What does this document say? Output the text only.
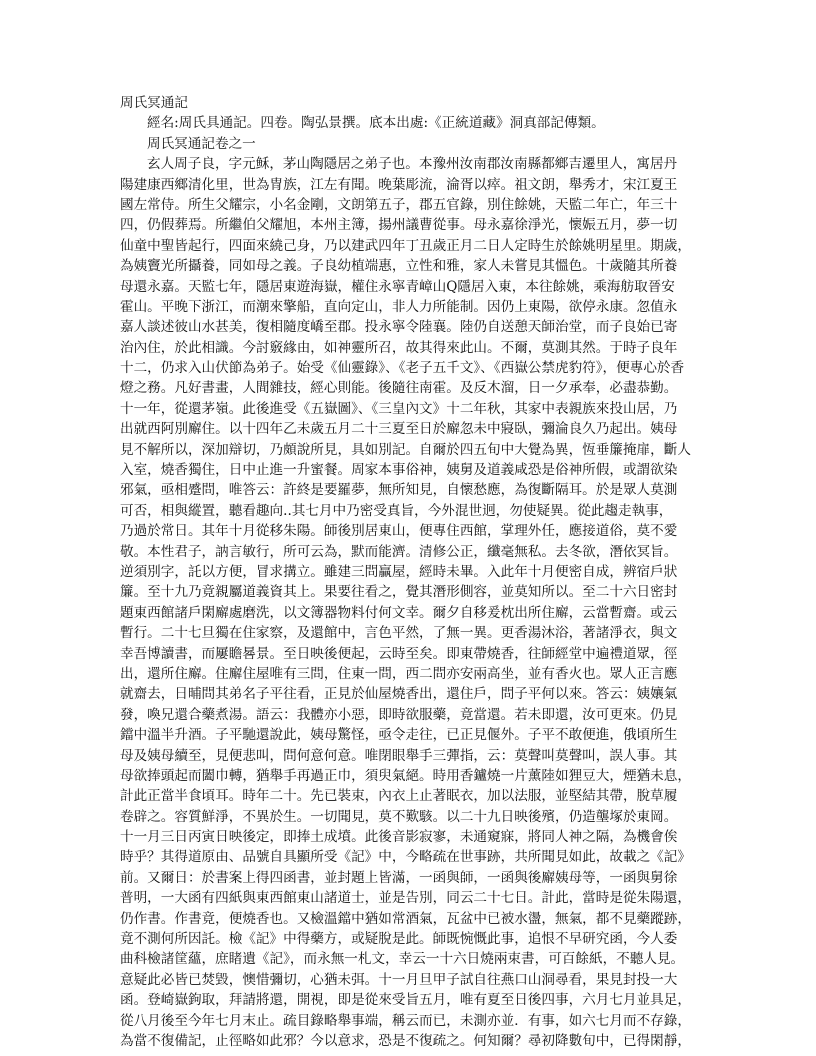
周氏冥通記

經名:周氏具通記。四卷。陶弘景撰。底本出處:《正統道藏》洞真部記傳類。

周氏冥通記卷之一

玄人周子良，字元稣，茅山陶隱居之弟子也。本豫州汝南郡汝南縣都鄉吉遷里人，寓居丹

陽建康西鄉清化里，世為冑族，江左有聞。晚葉彫流，淪胥以瘁。祖文朗，舉秀才，宋江夏王

國左常侍。所生父耀宗，小名金剛，文朗第五子，郡五官錄，別住餘姚，天監二年亡，年三十

四，仍假葬焉。所繼伯父耀旭，本州主簿，揚州議曹從事。母永嘉徐淨光，懷娠五月，夢一切

仙童中聖皆起行，四面來繞己身，乃以建武四年丁丑歲正月二日人定時生於餘姚明星里。期歲，

為姨竇光所攝養，同如母之義。子良幼植端惠，立性和雅，家人未嘗見其慍色。十歲隨其所養

母還永嘉。天監七年，隱居東遊海嶽，權住永寧青嶂山Q隱居入東，本往餘姚，乘海舫取晉安

霍山。平晚下浙江，而潮來擎船，直向定山，非人力所能制。因仍上東陽，欲停永康。忽值永

嘉人談述彼山水甚美，復相隨度嶠至郡。投永寧令陸襄。陸仍自送憩天師治堂，而子良始已寄

治內住，於此相識。今討竅緣由，如神靈所召，故其得來此山。不爾，莫測其然。于時子良年

十二，仍求入山伏節為弟子。始受《仙靈錄》、《老子五千文》、《西嶽公禁虎豹符》，便專心於香

燈之務。凡好書畫，人間雜技，經心則能。後隨往南霍。及反木溜，日一夕承奉，必盡恭勤。

十一年，從還茅嶺。此後進受《五嶽圖》、《三皇內文》十二年秋，其家中表親族來投山居，乃

出就西阿別廨住。以十四年乙未歲五月二十三夏至日於廨忽未中寢臥，彌淪良久乃起出。姨母

見不解所以，深加辯切，乃頗說所見，具如別記。自爾於四五旬中大覺為異，恆垂簾掩扉，斷人

入室，燒香獨住，日中止進一升蜜餐。周家本事俗神，姨舅及道義咸恐是俗神所假，或謂欲染

邪氣，亟相蹙問，唯答云：許終是要羅夢，無所知見，自懷愁應，為復斷隔耳。於是眾人莫測

可否，相與縱置，聽看趣向..其七月中乃密受真旨，今外混世迥，勿使疑異。從此趨走執事，

乃過於常日。其年十月從移朱陽。師後別居東山，便專住西館，掌理外任，應接道俗，莫不愛

敬。本性君子，訥言敏行，所可云為，默而能濟。清修公正，纖毫無私。去冬欲，潛依冥旨。

逆須別字，託以方便，冒求搆立。雖建三問贏屋，經時未畢。入此年十月便密自成，辨宿戶狀

簾。至十九乃竟親屬道義資其上。果要往看之，覺其潛形側容，並莫知所以。至二十六日密封

題東西館諸戶閑廨處磨洗，以文簿器物料付何文幸。爾夕自移爰枕出所住廨，云當暫齋。或云

暫行。二十七旦獨在住家察，及還館中，言色平然，了無一異。更香湯沐浴，著諸淨衣，與文

幸吾博讀書，而屢瞻晷景。至日映後便起，云時至矣。即東帶燒香，往師經堂中遍禮道眾，徑

出，還所住廨。住廨住屋唯有三問，住東一問，西二問亦安兩高坐，並有香火也。眾人正言應

就齋去，日晡問其弟名子平往看，正見於仙屋燒香出，還住戶，問子平何以來。答云：姨孃氣

發，喚兄還合藥煮湯。語云：我體亦小惡，即時欲服藥，竟當還。若未即還，汝可更來。仍見

鐺中溫半升酒。子平馳還說此，姨母驚怪，亟令走往，已正見偃外。子平不敢便進，俄頃所生

母及姨母續至，見便悲叫，問何意何意。唯閉眼舉手三彈指，云：莫聲叫莫聲叫，誤人事。其

母欲捧頭起而闔巾轉，猶舉手再過正巾，須臾氣絕。時用香鑪燒一片薰陸如狸豆大，煙猶未息，

計此正當半食頃耳。時年二十。先已裝束，內衣上止著眠衣，加以法服，並堅結其帶，脫草履

卷辟之。容質鮮淨，不異於生。一切聞見，莫不歎駭。以二十九日映後殯，仍造壟塚於東岡。

十一月三日丙寅日映後定，即捧土成墳。此後音影寂寥，未通窺寐，將同人神之隔，為機會俟

時乎？其得道原由、品號自具顯所受《記》中，今略疏在世事跡，共所聞見如此，故載之《記》

前。又爾日：於書案上得四函書，並封題上皆滿，一函與師，一函與後廨姨母等，一函與舅徐

普明，一大函有四紙與東西館東山諸道士，並是告別，同云二十七日。計此，當時是從朱陽還，

仍作書。作書竟，便燒香也。又檢溫鐺中猶如常酒氣，瓦盆中已被水盪，無氣，都不見藥蹤跡，

竟不測何所因託。檢《記》中得藥方，或疑脫是此。師既惋慨此事，追恨不早研究函，今人委

曲科檢諸筐蘊，庶睹遺《記》，而永無一札文，幸云一十六日燒兩束書，可百餘紙，不聽人見。

意疑此必皆已焚毀，懊惜彌切，心猶未弭。十一月旦甲子試自往燕口山洞尋看，果見封投一大

函。登崎嶽鉤取，拜請將還，開視，即是從來受旨五月，唯有夏至日後四事，六月七月並具足，

從八月後至今年七月末止。疏目錄略舉事端，稱云而已，未測亦並．有事，如六七月而不存錄，

為當不復備記，止徑略如此邪？今以意求，恐是不復疏之。何知爾？尋初降數旬中，已得閑靜，
